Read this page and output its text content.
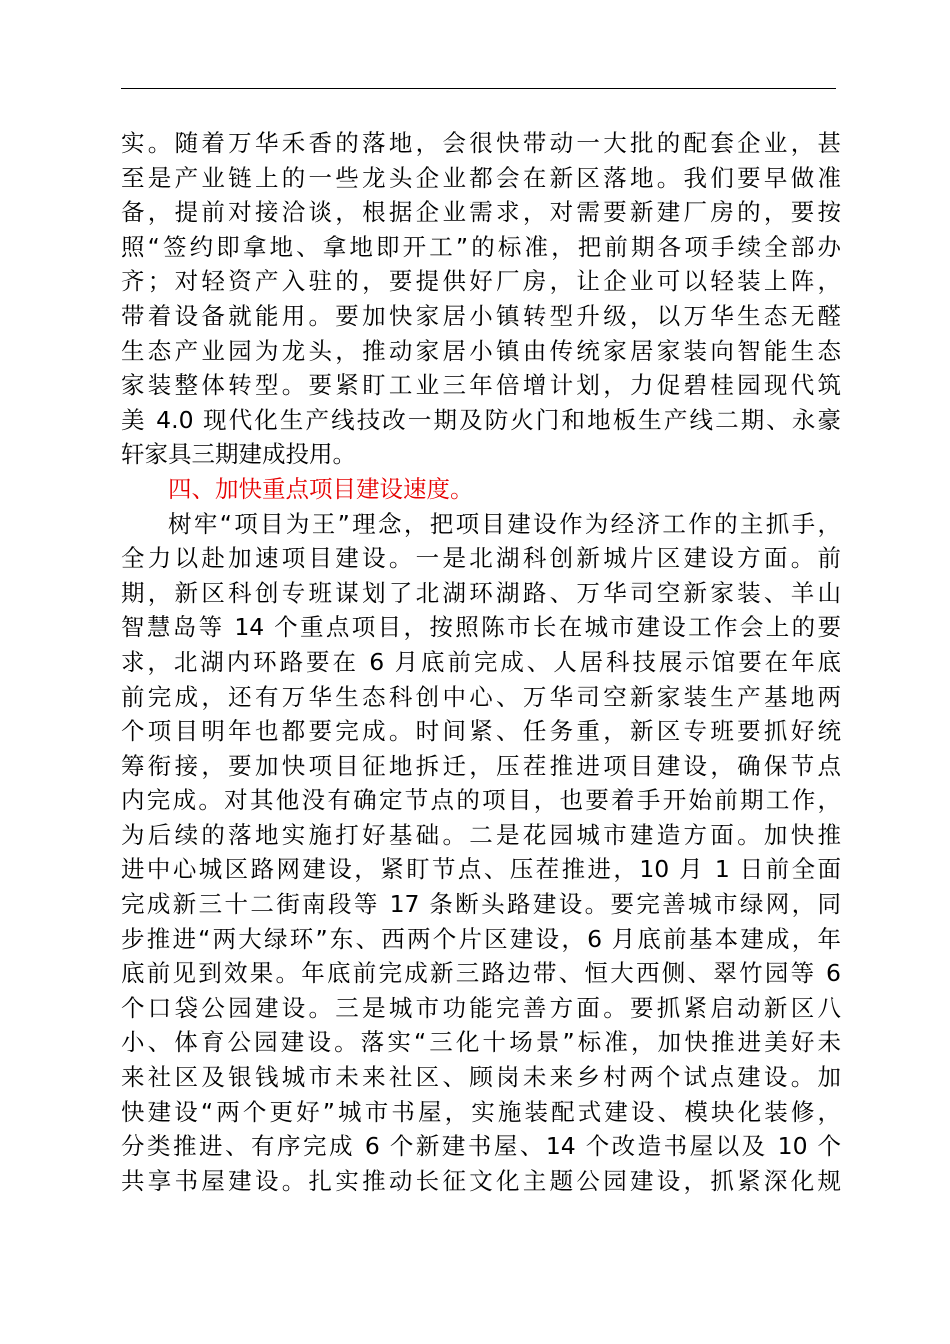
实。随着万华禾香的落地，会很快带动一大批的配套企业，甚
至是产业链上的一些龙头企业都会在新区落地。我们要早做准
备，提前对接洽谈，根据企业需求，对需要新建厂房的，要按
照“签约即拿地、拿地即开工”的标准，把前期各项手续全部办
齐；对轻资产入驻的，要提供好厂房，让企业可以轻装上阵，
带着设备就能用。要加快家居小镇转型升级，以万华生态无醛
生态产业园为龙头，推动家居小镇由传统家居家装向智能生态
家装整体转型。要紧盯工业三年倍增计划，力促碧桂园现代筑
美 4.0 现代化生产线技改一期及防火门和地板生产线二期、永豪
轩家具三期建成投用。
四、加快重点项目建设速度。
树牢“项目为王”理念，把项目建设作为经济工作的主抓手，
全力以赴加速项目建设。一是北湖科创新城片区建设方面。前
期，新区科创专班谋划了北湖环湖路、万华司空新家装、羊山
智慧岛等 14 个重点项目，按照陈市长在城市建设工作会上的要
求，北湖内环路要在 6 月底前完成、人居科技展示馆要在年底
前完成，还有万华生态科创中心、万华司空新家装生产基地两
个项目明年也都要完成。时间紧、任务重，新区专班要抓好统
筹衔接，要加快项目征地拆迁，压茬推进项目建设，确保节点
内完成。对其他没有确定节点的项目，也要着手开始前期工作，
为后续的落地实施打好基础。二是花园城市建造方面。加快推
进中心城区路网建设，紧盯节点、压茬推进，10 月 1 日前全面
完成新三十二街南段等 17 条断头路建设。要完善城市绿网，同
步推进“两大绿环”东、西两个片区建设，6 月底前基本建成，年
底前见到效果。年底前完成新三路边带、恒大西侧、翠竹园等 6
个口袋公园建设。三是城市功能完善方面。要抓紧启动新区八
小、体育公园建设。落实“三化十场景”标准，加快推进美好未
来社区及银钱城市未来社区、顾岗未来乡村两个试点建设。加
快建设“两个更好”城市书屋，实施装配式建设、模块化装修，
分类推进、有序完成 6 个新建书屋、14 个改造书屋以及 10 个
共享书屋建设。扎实推动长征文化主题公园建设，抓紧深化规
